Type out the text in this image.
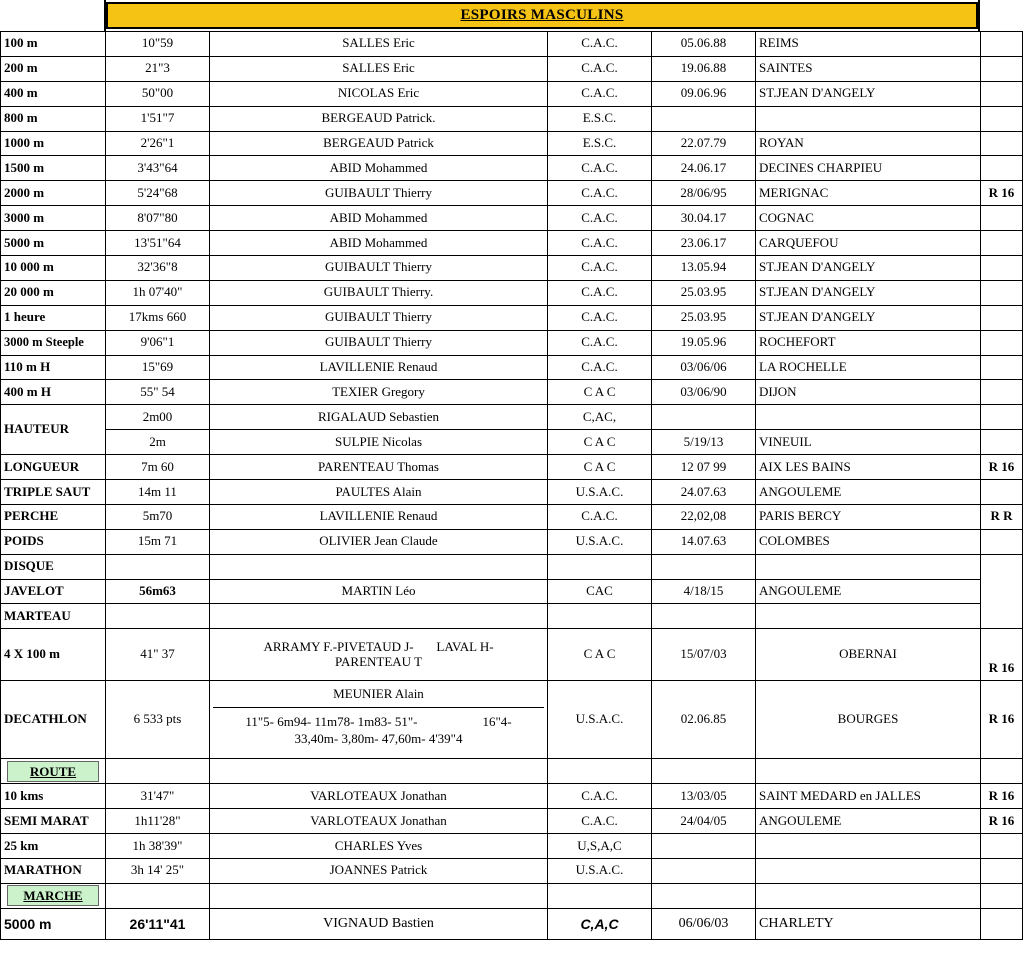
ESPOIRS MASCULINS
100 m	10"59	SALLES Eric	C.A.C.	05.06.88	REIMS	
200 m	21"3	SALLES Eric	C.A.C.	19.06.88	SAINTES	
400 m	50"00	NICOLAS Eric	C.A.C.	09.06.96	ST.JEAN D'ANGELY	
800 m	1'51"7	BERGEAUD Patrick.	E.S.C.			
1000 m	2'26"1	BERGEAUD Patrick	E.S.C.	22.07.79	ROYAN	
1500 m	3'43"64	ABID Mohammed	C.A.C.	24.06.17	DECINES CHARPIEU	
2000 m	5'24"68	GUIBAULT Thierry	C.A.C.	28/06/95	MERIGNAC	R 16
3000 m	8'07"80	ABID Mohammed	C.A.C.	30.04.17	COGNAC	
5000 m	13'51"64	ABID Mohammed	C.A.C.	23.06.17	CARQUEFOU	
10 000 m	32'36"8	GUIBAULT Thierry	C.A.C.	13.05.94	ST.JEAN D'ANGELY	
20 000 m	1h 07'40"	GUIBAULT Thierry.	C.A.C.	25.03.95	ST.JEAN D'ANGELY	
1 heure	17kms 660	GUIBAULT Thierry	C.A.C.	25.03.95	ST.JEAN D'ANGELY	
3000 m Steeple	9'06"1	GUIBAULT Thierry	C.A.C.	19.05.96	ROCHEFORT	
110 m H	15"69	LAVILLENIE Renaud	C.A.C.	03/06/06	LA ROCHELLE	
400 m H	55" 54	TEXIER Gregory	C A C	03/06/90	DIJON	
HAUTEUR	2m00	RIGALAUD Sebastien	C,AC,			
	2m	SULPIE Nicolas	C A C	5/19/13	VINEUIL	
LONGUEUR	7m 60	PARENTEAU Thomas	C A C	12 07 99	AIX LES BAINS	R 16
TRIPLE SAUT	14m 11	PAULTES Alain	U.S.A.C.	24.07.63	ANGOULEME	
PERCHE	5m70	LAVILLENIE Renaud	C.A.C.	22,02,08	PARIS BERCY	R R
POIDS	15m 71	OLIVIER Jean Claude	U.S.A.C.	14.07.63	COLOMBES	
DISQUE						
JAVELOT	56m63	MARTIN Léo	CAC	4/18/15	ANGOULEME	
MARTEAU						
4 X 100 m	41" 37	ARRAMY F.-PIVETAUD J-       LAVAL H-
PARENTEAU T	C A C	15/07/03	OBERNAI	R 16
DECATHLON	6 533 pts	MEUNIER Alain
11"5- 6m94- 11m78- 1m83- 51"-                    16"4-
33,40m- 3,80m- 47,60m- 4'39"4	U.S.A.C.	02.06.85	BOURGES	R 16

ROUTE						

10 kms	31'47"	VARLOTEAUX Jonathan	C.A.C.	13/03/05	SAINT MEDARD en JALLES	R 16
SEMI MARAT	1h11'28"	VARLOTEAUX Jonathan	C.A.C.	24/04/05	ANGOULEME	R 16
25 km	1h 38'39"	CHARLES Yves	U,S,A,C			
MARATHON	3h 14' 25"	JOANNES Patrick	U.S.A.C.			

MARCHE						

5000 m	26'11"41	VIGNAUD Bastien	C,A,C	06/06/03	CHARLETY	
